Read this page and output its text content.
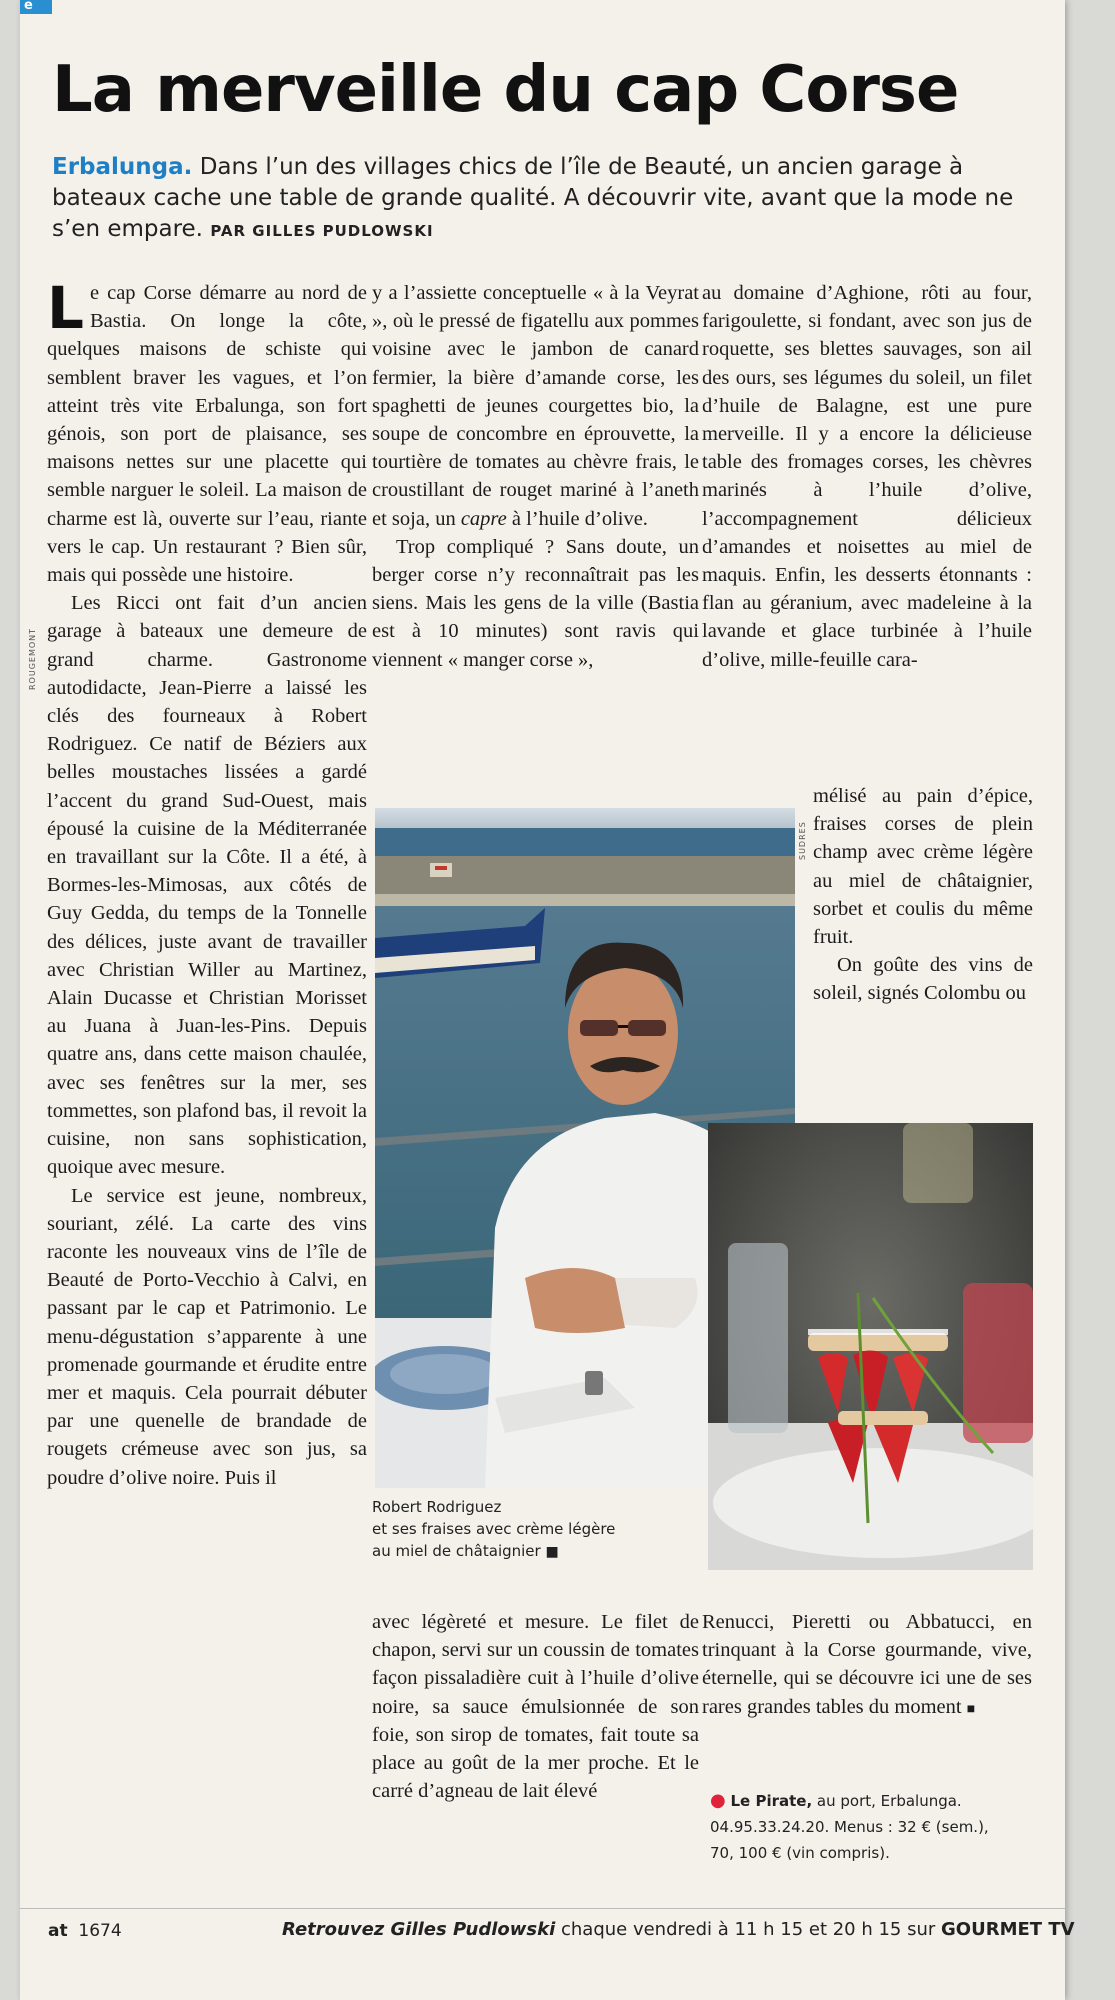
e
La merveille du cap Corse
Erbalunga. Dans l’un des villages chics de l’île de Beauté, un ancien garage à bateaux cache une table de grande qualité. A découvrir vite, avant que la mode ne s’en empare. PAR GILLES PUDLOWSKI
ROUGEMONT

Le cap Corse démarre au nord de Bastia. On longe la côte, quelques maisons de schiste qui semblent braver les vagues, et l’on atteint très vite Erbalunga, son fort génois, son port de plaisance, ses maisons nettes sur une placette qui semble narguer le soleil. La maison de charme est là, ouverte sur l’eau, riante vers le cap. Un restaurant ? Bien sûr, mais qui possède une histoire.

Les Ricci ont fait d’un ancien garage à bateaux une demeure de grand charme. Gastronome autodidacte, Jean-Pierre a laissé les clés des fourneaux à Robert Rodriguez. Ce natif de Béziers aux belles moustaches lissées a gardé l’accent du grand Sud-Ouest, mais épousé la cuisine de la Méditerranée en travaillant sur la Côte. Il a été, à Bormes-les-Mimosas, aux côtés de Guy Gedda, du temps de la Tonnelle des délices, juste avant de travailler avec Christian Willer au Martinez, Alain Ducasse et Christian Morisset au Juana à Juan-les-Pins. Depuis quatre ans, dans cette maison chaulée, avec ses fenêtres sur la mer, ses tommettes, son plafond bas, il revoit la cuisine, non sans sophistication, quoique avec mesure.

Le service est jeune, nombreux, souriant, zélé. La carte des vins raconte les nouveaux vins de l’île de Beauté de Porto-Vecchio à Calvi, en passant par le cap et Patrimonio. Le menu-dégustation s’apparente à une promenade gourmande et érudite entre mer et maquis. Cela pourrait débuter par une quenelle de brandade de rougets crémeuse avec son jus, sa poudre d’olive noire. Puis il

y a l’assiette conceptuelle « à la Veyrat », où le pressé de figatellu aux pommes voisine avec le jambon de canard fermier, la bière d’amande corse, les spaghetti de jeunes courgettes bio, la soupe de concombre en éprouvette, la tourtière de tomates au chèvre frais, le croustillant de rouget mariné à l’aneth et soja, un capre à l’huile d’olive.

Trop compliqué ? Sans doute, un berger corse n’y reconnaîtrait pas les siens. Mais les gens de la ville (Bastia est à 10 minutes) sont ravis qui viennent « manger corse »,

au domaine d’Aghione, rôti au four, farigoulette, si fondant, avec son jus de roquette, ses blettes sauvages, son ail des ours, ses légumes du soleil, un filet d’huile de Balagne, est une pure merveille. Il y a encore la délicieuse table des fromages corses, les chèvres marinés à l’huile d’olive, l’accompagnement délicieux d’amandes et noisettes au miel de maquis. Enfin, les desserts étonnants : flan au géranium, avec madeleine à la lavande et glace turbinée à l’huile d’olive, mille-feuille cara-

mélisé au pain d’épice, fraises corses de plein champ avec crème légère au miel de châtaignier, sorbet et coulis du même fruit.

On goûte des vins de soleil, signés Colombu ou

SUDRES
Robert Rodriguez
et ses fraises avec crème légère
au miel de châtaignier ■

avec légèreté et mesure. Le filet de chapon, servi sur un coussin de tomates façon pissaladière cuit à l’huile d’olive noire, sa sauce émulsionnée de son foie, son sirop de tomates, fait toute sa place au goût de la mer proche. Et le carré d’agneau de lait élevé

Renucci, Pieretti ou Abbatucci, en trinquant à la Corse gourmande, vive, éternelle, qui se découvre ici une de ses rares grandes tables du moment ■

● Le Pirate, au port, Erbalunga.
04.95.33.24.20. Menus : 32 € (sem.),
70, 100 € (vin compris).
at 1674	Retrouvez Gilles Pudlowski chaque vendredi à 11 h 15 et 20 h 15 sur GOURMET TV
